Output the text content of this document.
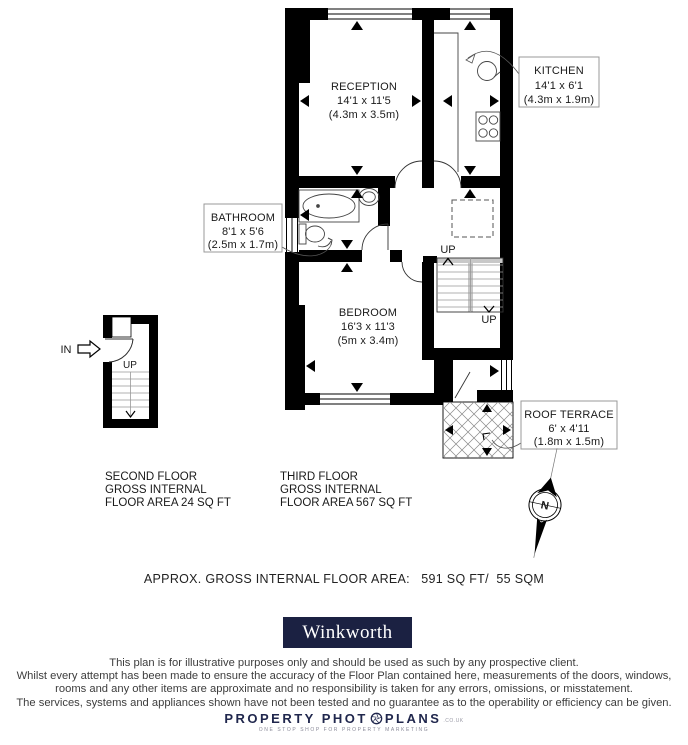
UP
UP
RECEPTION
14'1 x 11'5
(4.3m x 3.5m)
BEDROOM
16'3 x 11'3
(5m x 3.4m)
KITCHEN
14'1 x 6'1
(4.3m x 1.9m)
BATHROOM
8'1 x 5'6
(2.5m x 1.7m)
ROOF TERRACE
6' x 4'11
(1.8m x 1.5m)
UP
IN
SECOND FLOOR
GROSS INTERNAL
FLOOR AREA 24 SQ FT
THIRD FLOOR
GROSS INTERNAL
FLOOR AREA 567 SQ FT	N
APPROX. GROSS INTERNAL FLOOR AREA:   591 SQ FT/  55 SQM
Winkworth
This plan is for illustrative purposes only and should be used as such by any prospective client.
Whilst every attempt has been made to ensure the accuracy of the Floor Plan contained here, measurements of the doors, windows,
rooms and any other items are approximate and no responsibility is taken for any errors, omissions, or misstatement.
The services, systems and appliances shown have not been tested and no guarantee as to the operability or efficiency can be given.
PROPERTY PHOT PLANS .CO.UK
ONE STOP SHOP FOR PROPERTY MARKETING
